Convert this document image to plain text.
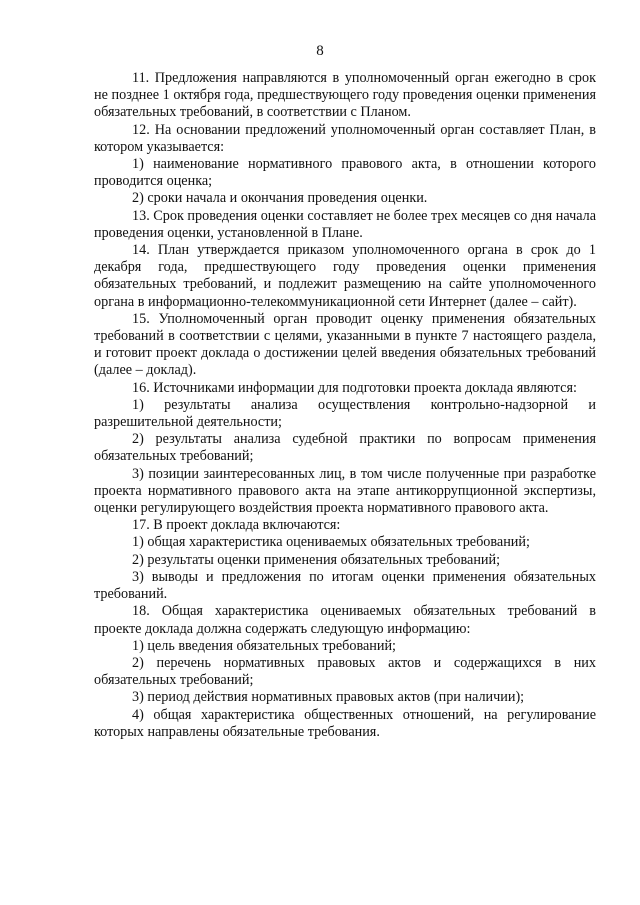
8

11. Предложения направляются в уполномоченный орган ежегодно в срок не позднее 1 октября года, предшествующего году проведения оценки применения обязательных требований, в соответствии с Планом.

12. На основании предложений уполномоченный орган составляет План, в котором указывается:

1) наименование нормативного правового акта, в отношении которого проводится оценка;

2) сроки начала и окончания проведения оценки.

13. Срок проведения оценки составляет не более трех месяцев со дня начала проведения оценки, установленной в Плане.

14. План утверждается приказом уполномоченного органа в срок до 1 декабря года, предшествующего году проведения оценки применения обязательных требований, и подлежит размещению на сайте уполномоченного органа в информационно-телекоммуникационной сети Интернет (далее – сайт).

15. Уполномоченный орган проводит оценку применения обязательных требований в соответствии с целями, указанными в пункте 7 настоящего раздела, и готовит проект доклада о достижении целей введения обязательных требований (далее – доклад).

16. Источниками информации для подготовки проекта доклада являются:

1) результаты анализа осуществления контрольно-надзорной и разрешительной деятельности;

2) результаты анализа судебной практики по вопросам применения обязательных требований;

3) позиции заинтересованных лиц, в том числе полученные при разработке проекта нормативного правового акта на этапе антикоррупционной экспертизы, оценки регулирующего воздействия проекта нормативного правового акта.

17. В проект доклада включаются:

1) общая характеристика оцениваемых обязательных требований;

2) результаты оценки применения обязательных требований;

3) выводы и предложения по итогам оценки применения обязательных требований.

18. Общая характеристика оцениваемых обязательных требований в проекте доклада должна содержать следующую информацию:

1) цель введения обязательных требований;

2) перечень нормативных правовых актов и содержащихся в них обязательных требований;

3) период действия нормативных правовых актов (при наличии);

4) общая характеристика общественных отношений, на регулирование которых направлены обязательные требования.
